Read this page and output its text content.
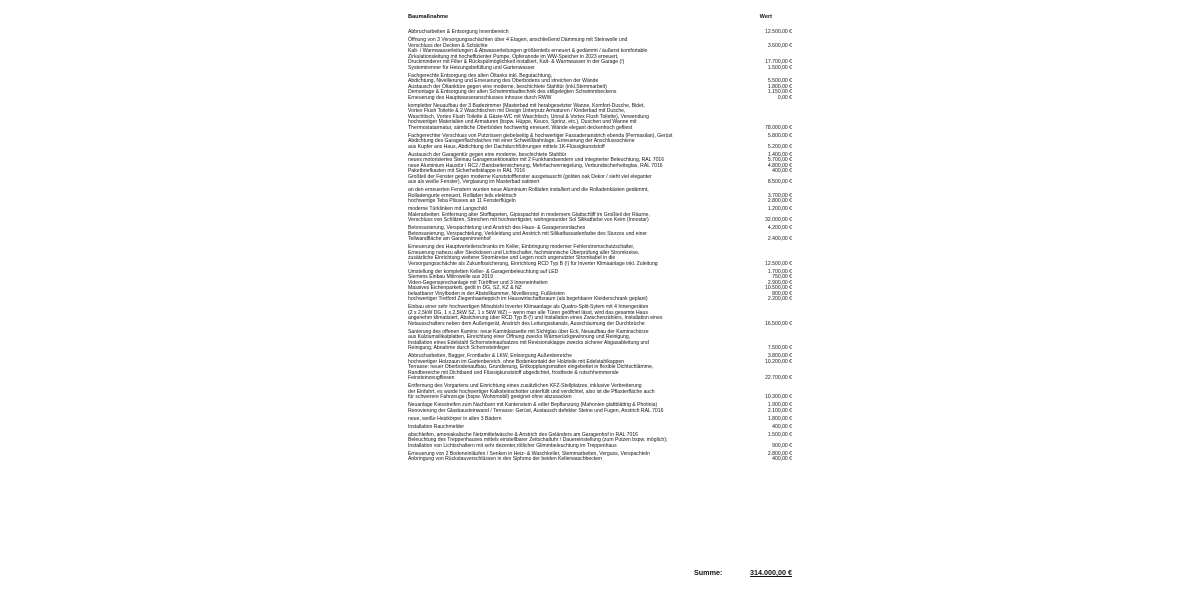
Baumaßnahme	Wert
Abbrucharbeiten & Entsorgung Innenbereich	12.500,00 €
Öffnung von 3 Versorgungsschächten über 4 Etagen, anschließend Dämmung mit Steinwolle und
Verschluss der Decken & Schächte	3.600,00 €
Kalt- / Warmwasserleitungen & Abwasserleitungen größtenteils erneuert & gedämmt / äußerst komfortable
Zirkulationsleitung mit hocheffizienter Pumpe, Opferanode im WW-Speicher in 2023 erneuert,
Druckminderer mit Filter & Rückspülmöglichkeit installiert, Kalt- & Warmwasser in der Garage (!)	17.700,00 €
Systemtrenner für Heizungsbefüllung und Gartenwasser	1.500,00 €
Fachgerechte Entsorgung des alten Öltanks inkl. Begutachtung,
Abdichtung, Nivellierung und Erneuerung des Oberbodens und streichen der Wände	5.500,00 €
Austausch der Öltanktüre gegen eine moderne, beschichtete Stahltür (inkl.Stemmarbeit)	1.800,00 €
Demontage & Entsorgung der alten Schwimmbadtechnik des stillgelegten Schwimmbeckens	1.150,00 €
Erneuerung des Hauptwasseranschlusses inhouse durch RWW	0,00 €
kompletter Neuaufbau der 3 Badezimmer (Masterbad mit herabgesetzter Wanne, Komfort-Dusche, Bidet,
Vortex Flush Toilette & 2 Waschtischen mit Design Unterputz Armaturen / Kinderbad mit Dusche,
Waschtisch, Vortex Flush Toilette & Gäste-WC mit Waschtisch, Urinal & Vortex Flush Toilette), Verwendung
hochwertiger Materialien und Armaturen (bspw. Hüppe, Keuco, Sprinz, etc.), Duschen und Wanne mit
Thermostatarmatur, sämtliche Oberböden hochwertig erneuert, Wände elegant deckenhoch gefliest	78.000,00 €
Fachgerechter Verschluss von Putzrissen giebelseitig & hochwertiger Fassadenanstrich ebenda (Permasilan), Gerüst	5.800,00 €
Abdichtung des Garagenflachdaches mit einer Schweißbahnlage, Erneuerung der Anschlussschiene
aus Kupfer ans Haus, Abdichtung der Dachdurchführungen mittels 1K-Flüssigkunststoff	5.200,00 €
Austausch der Garagentür gegen eine moderne, beschichtete Stahltür	1.400,00 €
neues motorisiertes Steinau Garagensektionaltor mit 2 Funkhandsendern und integrierter Beleuchtung, RAL 7016	5.700,00 €
neue Aluminium Haustür / RC2 / Bandseitensicherung, Mehrfachverriegelung, Verbundsicherheitsglas, RAL 7016	4.800,00 €
Paketbriefkasten mit Sicherheitsklappe in RAL 7016	400,00 €
Großteil der Fenster gegen moderne Kunststofffenster ausgetauscht (golden oak Dekor / sieht viel eleganter
aus als weiße Fenster), Verglasung im Masterbad satiniert	8.500,00 €
an den erneuerten Fenstern wurden neue Aluminium Rolläden installiert und die Rolladenkästen gedämmt,
Rolladengurte erneuert, Rolläden teils elektrisch	3.700,00 €
hochwertige Teba Plissees an 11 Fensterflügeln	2.800,00 €
moderne Türklinken mit Langschild	1.200,00 €
Malerarbeiten: Entfernung alter Stofftapeten, Gipsspachtel in modernem Glattschliff im Großteil der Räume,
Verschluss von Schlitzen, Streichen mit hochwertigster, wohngesunder Sol Silikatfarbe von Keim (Innostar)	32.000,00 €
Betonsanierung, Verspachtelung und Anstrich des Haus- & Garagenvordaches	4.200,00 €
Betonsanierung, Verspachtelung, Verkleidung und Anstrich mit Silikatfassadenfarbe des Sturzes und einer
Teilwandfläche am Garageninnenhof	2.400,00 €
Erneuerung des Hauptverteilerschranks im Keller, Einbringung moderner Fehlerstromschutzschalter,
Erneuerung nahezu aller Steckdosen und Lichtschalter, fachmännische Überprüfung aller Stromkreise,
zusätzliche Einrichtung weiterer Stromkreise und Legen noch ungenutzter Stromkabel in die
Versorgungsschächte als Zukunftssicherung, Einrichtung RCD Typ B (!) für Inverter Klimaanlage inkl. Zuleitung	12.500,00 €
Umstellung der kompletten Keller- & Garagenbeleuchtung auf LED	1.700,00 €
Siemens Einbau Mikrowelle aus 2019	750,00 €
Video-Gegensprechanlage mit Türöffner und 3 Inneneinheiten	2.900,00 €
Massives Eichenparkett, geölt in DG, SZ, KZ & NZ	10.500,00 €
belastbarer Vinylboden in der Abstellkammer, Nivellierung, Fußleisten	800,00 €
hochwertiger Tretford Ziegenhaarteppich im Hauswirtschaftsraum (als begehbarer Kleiderschrank geplant)	2.200,00 €
Einbau einer sehr hochwertigen Mitsubishi Inverter Klimaanlage als Quatro-Split-Sytem mit 4 Innengeräten
(2 x 2,5kW DG, 1 x 2,5kW SZ, 1 x 5kW WZ) – wenn man alle Türen geöffnet lässt, wird das gesamte Haus
angenehm klimatisiert, Absicherung über RCD Typ B (!) und Installation eines Zwischenzählers, Installation eines
Notausschalters neben dem Außengerät, Anstrich des Leitungsskanals, Ausschäumung der Durchbrüche	16.500,00 €
Sanierung des offenen Kamins: neue Kaminkassette mit Sichtglas über Eck, Neuaufbau der Kaminschürze
aus Kalziumsilikatplatten, Einrichtung einer Öffnung zwecks Wärmerückgewinnung und Reinigung,
Installation eines Edelstahl Schornsteinaufsatzes mit Revisionsklappe zwecks sicherer Abgasableitung und
Reinigung, Abnahme durch Schornsteinfeger	7.500,00 €
Abbrucharbeiten, Bagger, Frontlader & LKW, Entsorgung Außenbereiche	3.800,00 €
hochwertiger Holzzaun im Gartenbereich, ohne Bodenkontakt der Holzteile mit Edelstahlkappen	10.200,00 €
Terrasse: neuer Oberbodenaufbau, Grundierung, Entkopplungsmatten eingebettet in flexible Dichtschlämme,
Randbereiche mit Dichtband und Flüssigkunststoff abgedichtet, frostfeste & rutschhemmende
Feinsteinzeugfliesen	22.700,00 €
Entfernung des Vorgartens und Einrichtung eines zusätzlichen KFZ-Stellplatzes, inklusive Verbreiterung
der Einfahrt, es wurde hochwertiger Kalksteinschotter unterfüllt und verdichtet, also ist die Pflasterfläche auch
für schwerere Fahrzeuge (bspw. Wohnmobil) geeignet ohne abzusacken	10.300,00 €
Neuanlage Kiesstreifen zum Nachbarn mit Kantenstein & edler Bepflanzung (Mahonien glattblättrig & Photinia)	1.900,00 €
Renovierung der Glasbausteinwand / Terrasse: Gerüst, Austausch defekter Steine und Fugen, Anstrich RAL 7016	2.100,00 €
neue, weiße Heizkörper in allen 3 Bädern	1.800,00 €
Installation Rauchmelder	400,00 €
abschleifen, amoniakalische Netzmittelwäsche & Anstrich des Geländers am Garagenhof in RAL 7016	1.500,00 €
Beleuchtung des Treppenhauses mittels einstellbarer Zeitschaltuhr / Dauereinstellung (zum Putzen bspw. möglich);
Installation von Lichtschaltern mit sehr dezenter,rötlicher Glimmbeleuchtung im Treppenhaus	900,00 €
Erneuerung von 2 Bodeneinläufen / Senken in Heiz- & Waschkeller, Stemmarbeiten, Verguss, Verspachteln	2.800,00 €
Anbringung von Rückstauverschlüssen in den Siphons der beiden Kellerwaschbecken	400,00 €
Summe:	314.000,00 €
